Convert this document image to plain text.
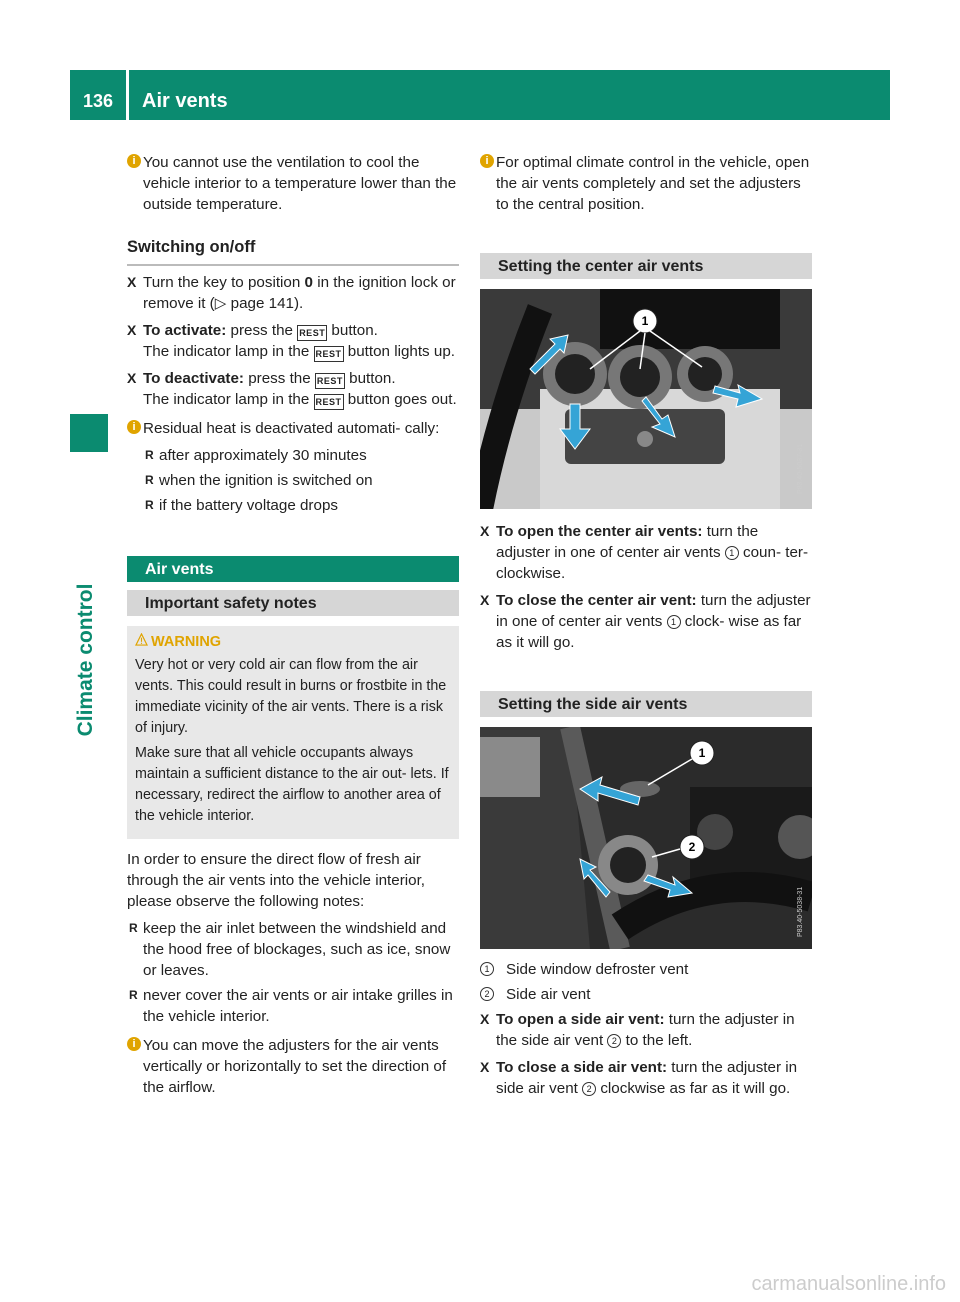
136	Air vents
Climate control
i You cannot use the ventilation to cool the vehicle interior to a temperature lower than the outside temperature.
Switching on/off
X Turn the key to position 0 in the ignition lock or remove it (▷ page 141).
X To activate: press the REST button.
The indicator lamp in the REST button lights up.
X To deactivate: press the REST button.
The indicator lamp in the REST button goes out.
i Residual heat is deactivated automati- cally:
R after approximately 30 minutes
R when the ignition is switched on
R if the battery voltage drops
Air vents
Important safety notes
WARNING

Very hot or very cold air can flow from the air vents. This could result in burns or frostbite in the immediate vicinity of the air vents. There is a risk of injury.

Make sure that all vehicle occupants always maintain a sufficient distance to the air out- lets. If necessary, redirect the airflow to another area of the vehicle interior.

In order to ensure the direct flow of fresh air through the air vents into the vehicle interior, please observe the following notes:

R keep the air inlet between the windshield and the hood free of blockages, such as ice, snow or leaves.
R never cover the air vents or air intake grilles in the vehicle interior.
i You can move the adjusters for the air vents vertically or horizontally to set the direction of the airflow.
i For optimal climate control in the vehicle, open the air vents completely and set the adjusters to the central position.
Setting the center air vents
1
P83.40-5037-31
X To open the center air vents: turn the adjuster in one of center air vents 1 coun- ter-clockwise.
X To close the center air vent: turn the adjuster in one of center air vents 1 clock- wise as far as it will go.
Setting the side air vents
1
2
P83.40-5038-31
1 Side window defroster vent
2 Side air vent
X To open a side air vent: turn the adjuster in the side air vent 2 to the left.
X To close a side air vent: turn the adjuster in side air vent 2 clockwise as far as it will go.
carmanualsonline.info
